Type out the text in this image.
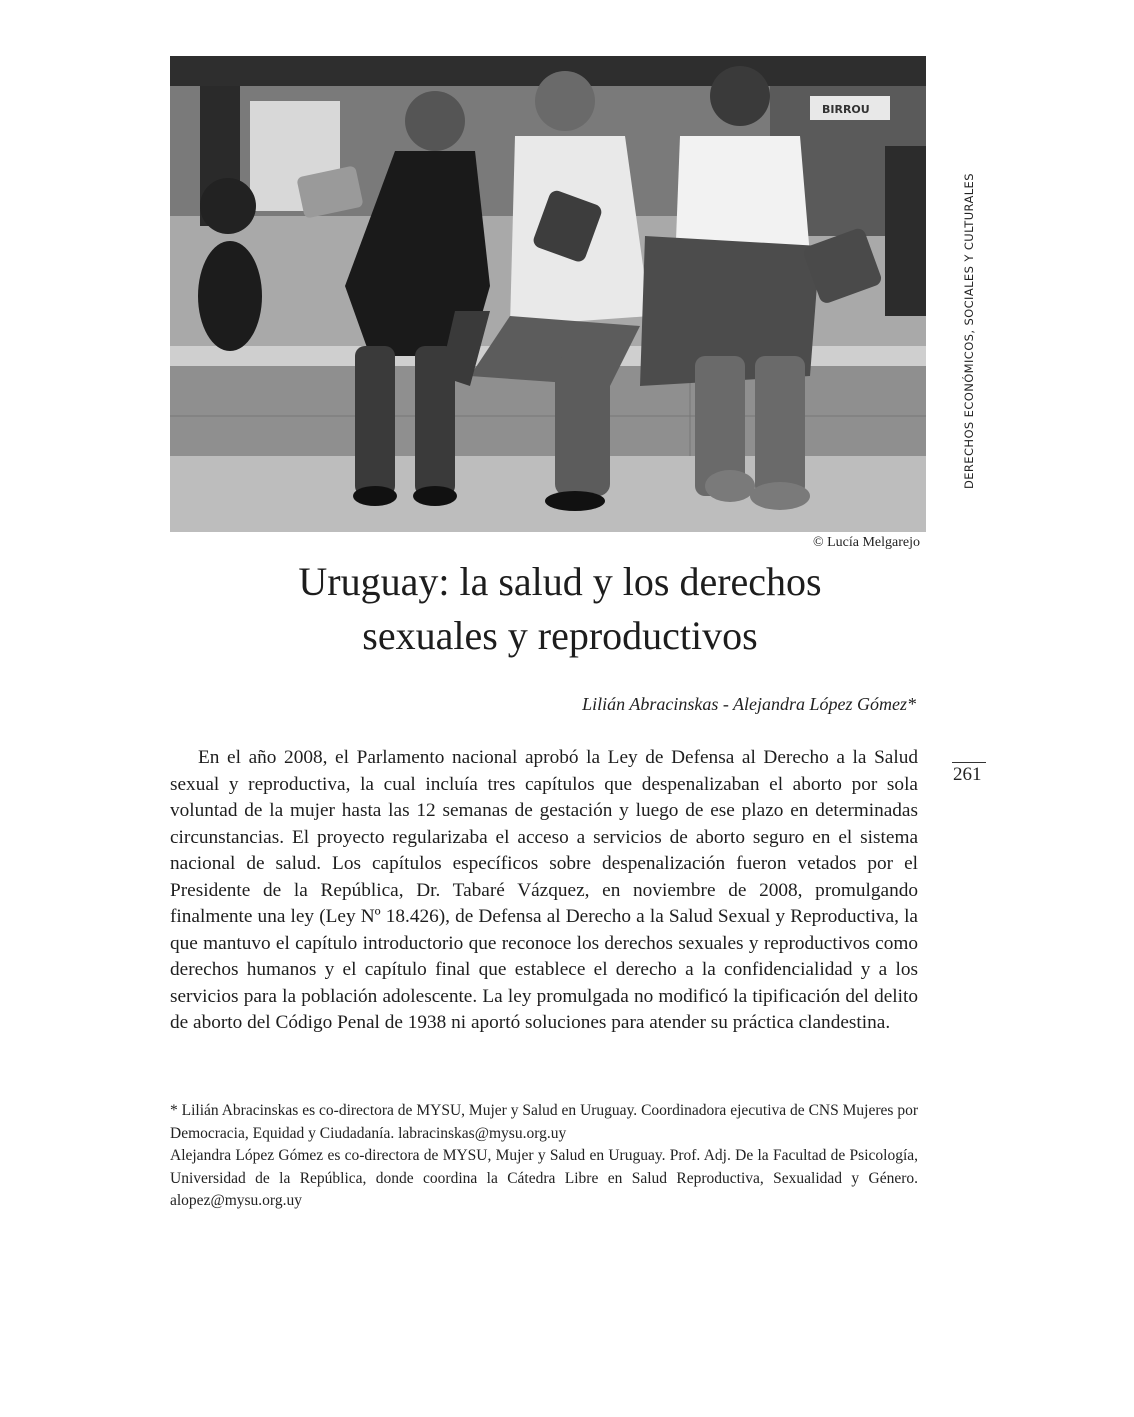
BIRROU
© Lucía Melgarejo
DERECHOS ECONÓMICOS, SOCIALES Y CULTURALES
261
Uruguay: la salud y los derechos
sexuales y reproductivos
Lilián Abracinskas - Alejandra López Gómez*

En el año 2008, el Parlamento nacional aprobó la Ley de Defensa al Derecho a la Salud sexual y reproductiva, la cual incluía tres capítulos que despenalizaban el aborto por sola voluntad de la mujer hasta las 12 semanas de gestación y luego de ese plazo en determinadas circunstancias. El proyecto regularizaba el acceso a servicios de aborto seguro en el sistema nacional de salud. Los capítulos específicos sobre despenalización fueron vetados por el Presidente de la República, Dr. Tabaré Vázquez, en noviembre de 2008, promulgando finalmente una ley (Ley Nº 18.426), de Defensa al Derecho a la Salud Sexual y Reproductiva, la que mantuvo el capítulo introductorio que reconoce los derechos sexuales y reproductivos como derechos humanos y el capítulo final que establece el derecho a la confidencialidad y a los servicios para la población adolescente. La ley promulgada no modificó la tipificación del delito de aborto del Código Penal de 1938 ni aportó soluciones para atender su práctica clandestina.

* Lilián Abracinskas es co-directora de MYSU, Mujer y Salud en Uruguay. Coordinadora ejecutiva de CNS Mujeres por Democracia, Equidad y Ciudadanía. labracinskas@mysu.org.uy

Alejandra López Gómez es co-directora de MYSU, Mujer y Salud en Uruguay. Prof. Adj. De la Facultad de Psicología, Universidad de la República, donde coordina la Cátedra Libre en Salud Reproductiva, Sexualidad y Género. alopez@mysu.org.uy
